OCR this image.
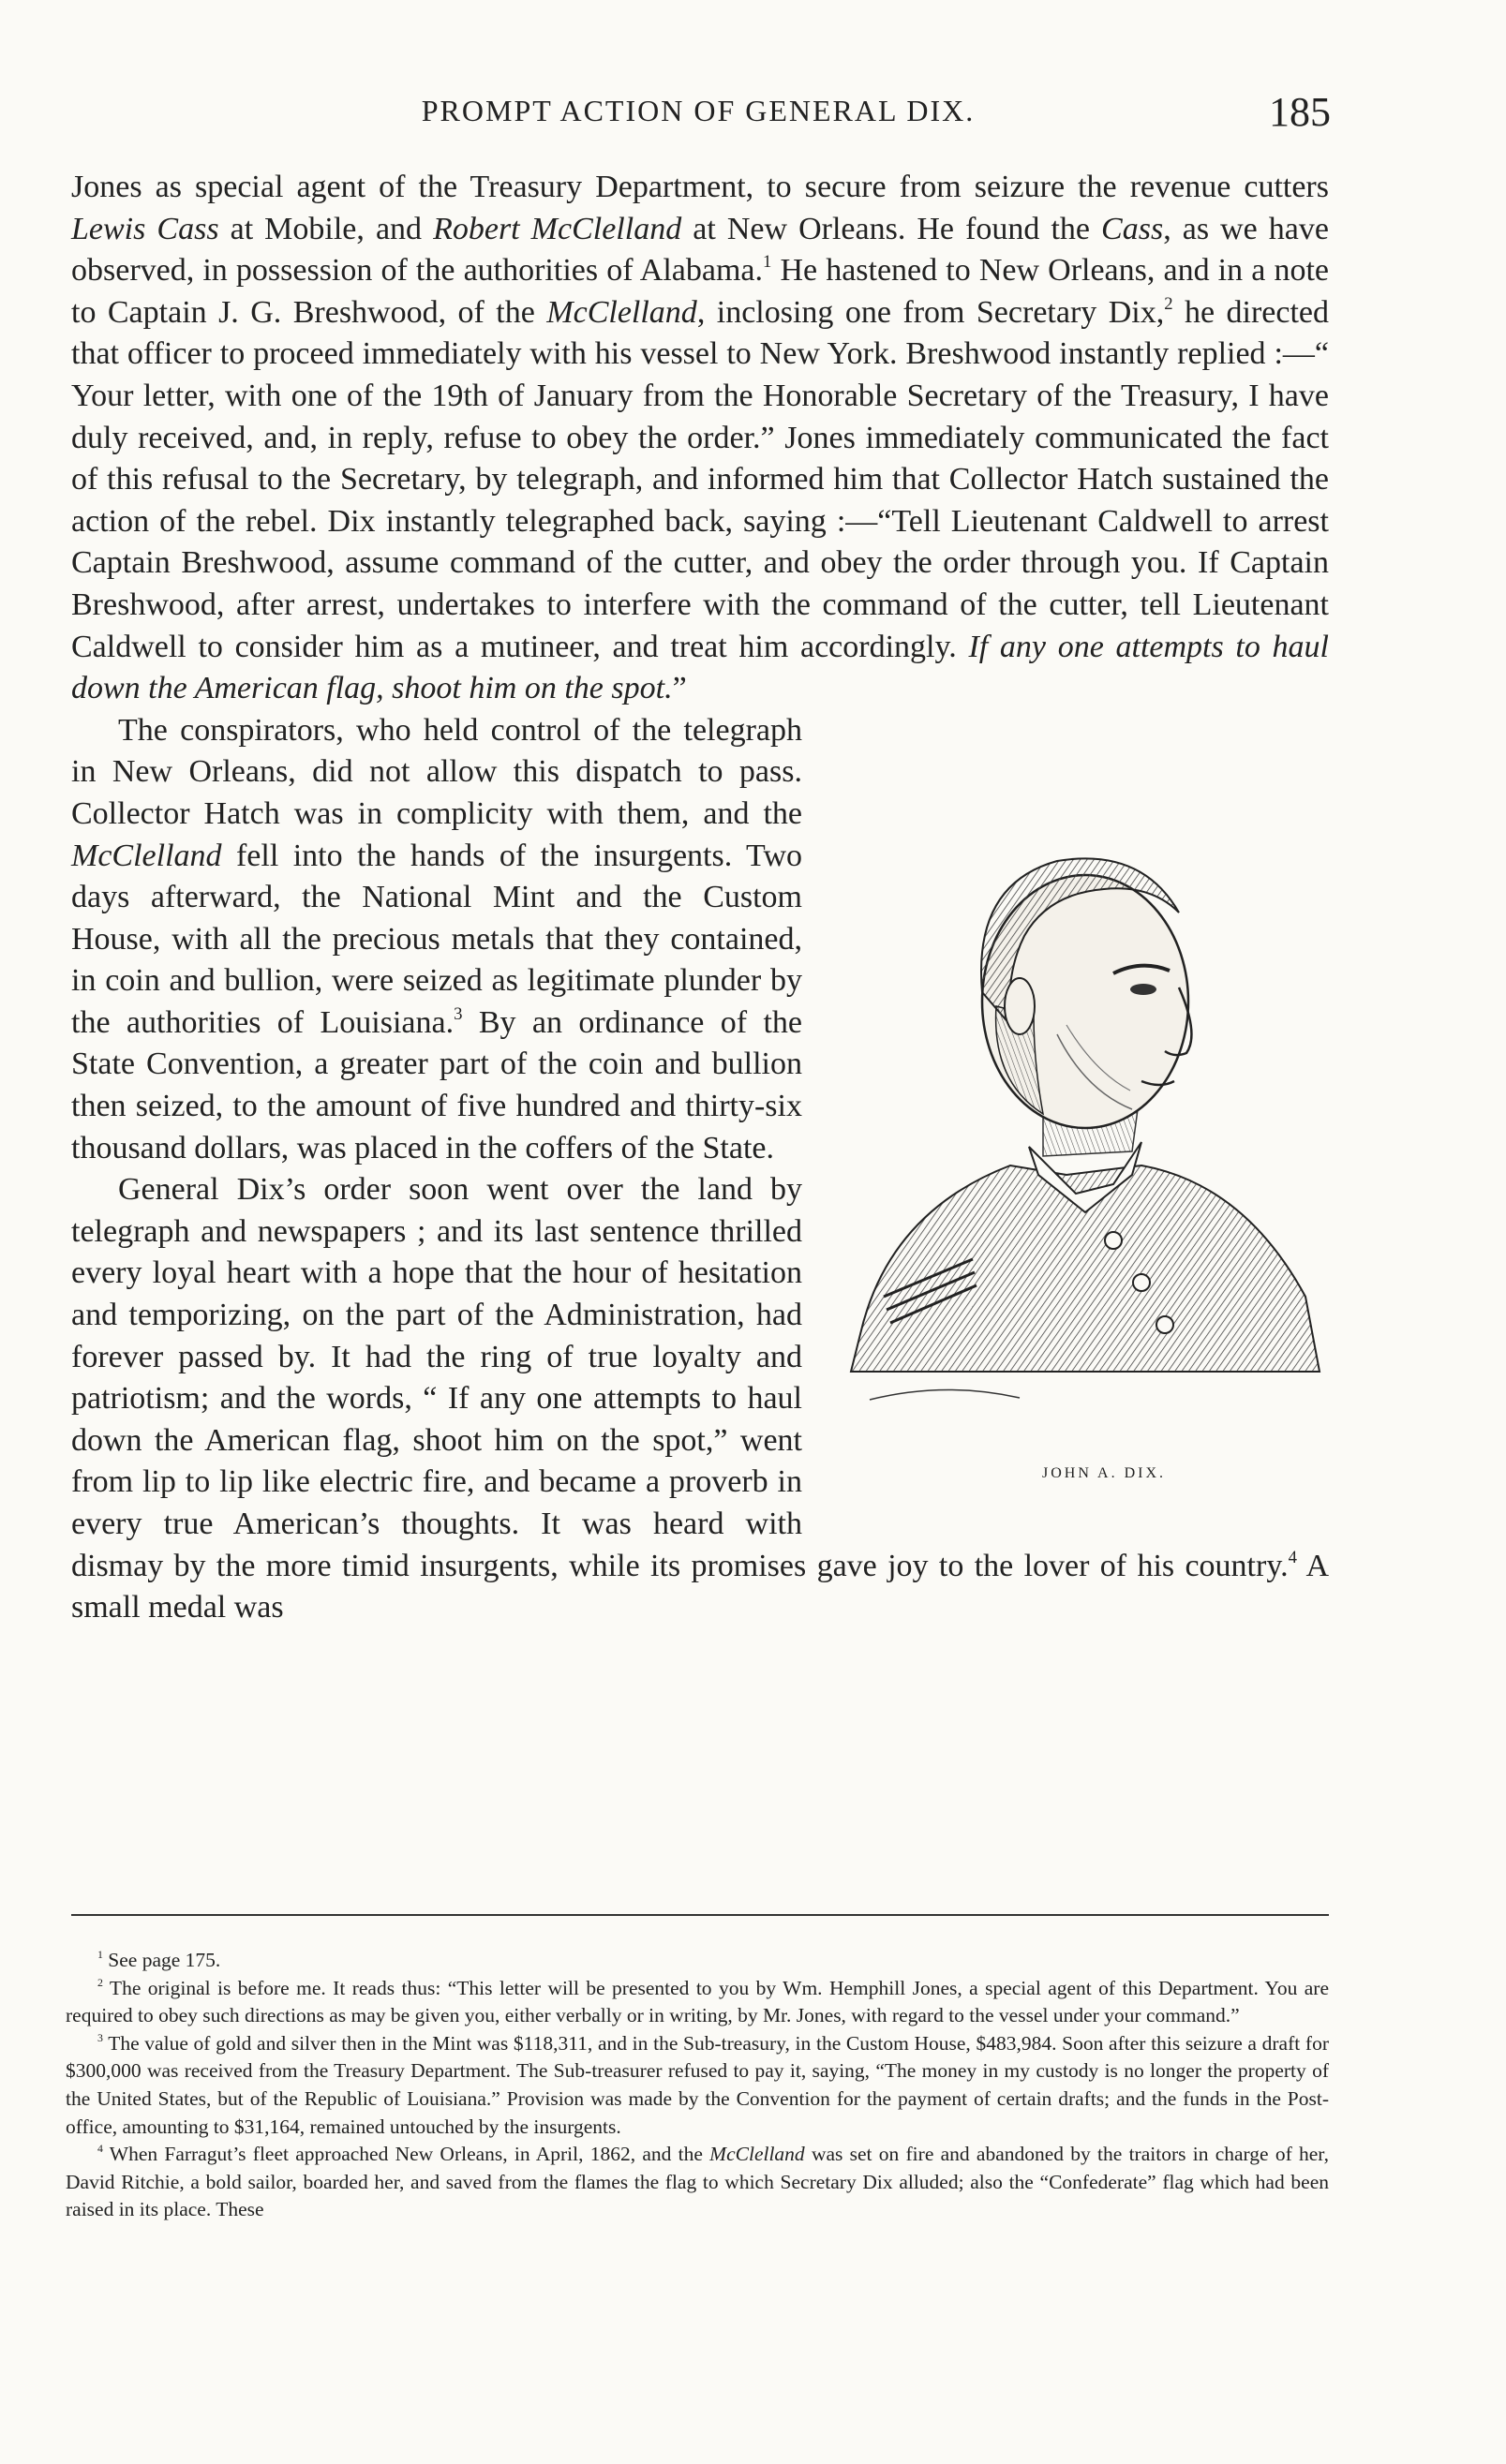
PROMPT ACTION OF GENERAL DIX.	185

Jones as special agent of the Treasury Department, to secure from seizure the revenue cutters Lewis Cass at Mobile, and Robert McClelland at New Orleans. He found the Cass, as we have observed, in possession of the authorities of Alabama.$^1$ He hastened to New Orleans, and in a note to Captain J. G. Breshwood, of the McClelland, inclosing one from Secretary Dix,$^2$ he directed that officer to proceed immediately with his vessel to New York. Breshwood instantly replied :—“ Your letter, with one of the 19th of January from the Honorable Secretary of the Treasury, I have duly received, and, in reply, refuse to obey the order.” Jones immediately communicated the fact of this refusal to the Secretary, by telegraph, and informed him that Collector Hatch sustained the action of the rebel. Dix instantly telegraphed back, saying :—“Tell Lieutenant Caldwell to arrest Captain Breshwood, assume command of the cutter, and obey the order through you. If Captain Breshwood, after arrest, undertakes to interfere with the command of the cutter, tell Lieutenant Caldwell to consider him as a mutineer, and treat him accordingly. If any one attempts to haul down the American flag, shoot him on the spot.”

JOHN A. DIX.
The conspirators, who held control of the telegraph in New Orleans, did not allow this dispatch to pass. Collector Hatch was in complicity with them, and the McClelland fell into the hands of the insurgents. Two days afterward, the National Mint and the Custom House, with all the precious metals that they contained, in coin and bullion, were seized as legitimate plunder by the authorities of Louisiana.$^3$ By an ordinance of the State Convention, a greater part of the coin and bullion then seized, to the amount of five hundred and thirty-six thousand dollars, was placed in the coffers of the State.

General Dix’s order soon went over the land by telegraph and newspapers ; and its last sentence thrilled every loyal heart with a hope that the hour of hesitation and temporizing, on the part of the Administration, had forever passed by. It had the ring of true loyalty and patriotism; and the words, “ If any one attempts to haul down the American flag, shoot him on the spot,” went from lip to lip like electric fire, and became a proverb in every true American’s thoughts. It was heard with dismay by the more timid insurgents, while its promises gave joy to the lover of his country.$^4$ A small medal was

$^1$ See page 175.

$^2$ The original is before me. It reads thus: “This letter will be presented to you by Wm. Hemphill Jones, a special agent of this Department. You are required to obey such directions as may be given you, either verbally or in writing, by Mr. Jones, with regard to the vessel under your command.”

$^3$ The value of gold and silver then in the Mint was $118,311, and in the Sub-treasury, in the Custom House, $483,984. Soon after this seizure a draft for $300,000 was received from the Treasury Department. The Sub-treasurer refused to pay it, saying, “The money in my custody is no longer the property of the United States, but of the Republic of Louisiana.” Provision was made by the Convention for the payment of certain drafts; and the funds in the Post-office, amounting to $31,164, remained untouched by the insurgents.

$^4$ When Farragut’s fleet approached New Orleans, in April, 1862, and the McClelland was set on fire and abandoned by the traitors in charge of her, David Ritchie, a bold sailor, boarded her, and saved from the flames the flag to which Secretary Dix alluded; also the “Confederate” flag which had been raised in its place. These
